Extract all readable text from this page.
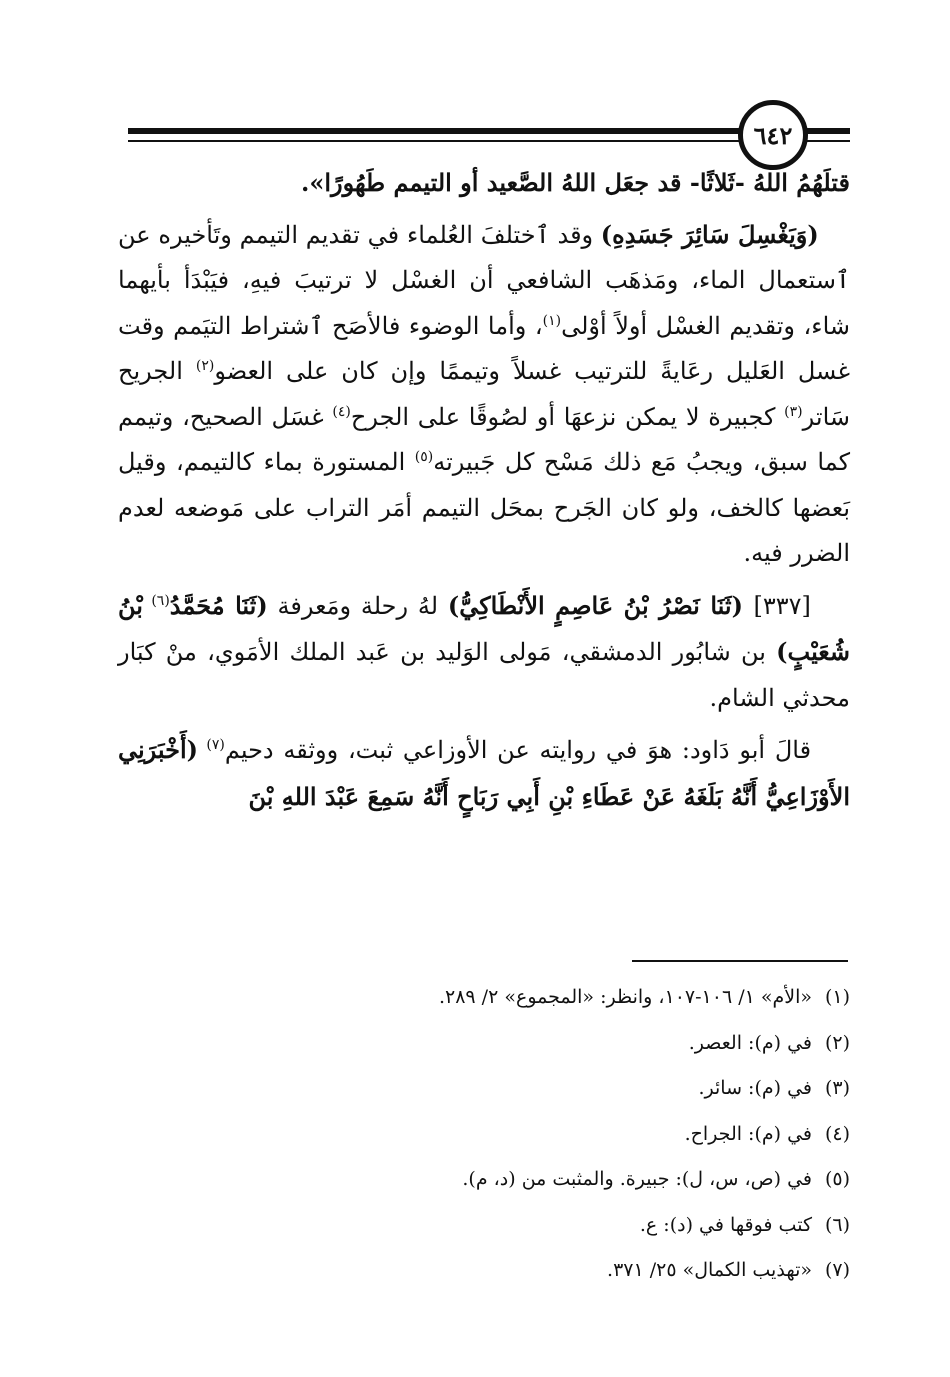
٦٤٢

قتلَهُمُ اللهُ -ثَلاثًا- قد جعَل اللهُ الصَّعيد أو التيمم طَهُورًا».

(وَيَغْسِلَ سَائِرَ جَسَدِهِ) وقد ٱختلفَ العُلماء في تقديم التيمم وتَأخيره عن ٱستعمال الماء، ومَذهَب الشافعي أن الغسْل لا ترتيبَ فيهِ، فيَبْدَأ بأيهما شاء، وتقديم الغسْل أولاً أوْلى$^{(١)}$، وأما الوضوء فالأصَح ٱشتراط التيَمم وقت غسل العَليل رعَايةً للترتيب غسلاً وتيممًا وإن كان على العضو$^{(٢)}$ الجريح سَاتر$^{(٣)}$ كجبيرة لا يمكن نزعهَا أو لصُوقًا على الجرح$^{(٤)}$ غسَل الصحيح، وتيمم كما سبق، ويجبُ مَع ذلك مَسْح كل جَبيرته$^{(٥)}$ المستورة بماء كالتيمم، وقيل بَعضها كالخف، ولو كان الجَرح بمحَل التيمم أمَر التراب على مَوضعه لعدم الضرر فيه.

[٣٣٧] (ثَنَا نَصْرُ بْنُ عَاصِمٍ الأَنْطَاكِيُّ) لهُ رحلة ومَعرفة (ثَنَا مُحَمَّدُ$^{(٦)}$ بْنُ شُعَيْبٍ) بن شابُور الدمشقي، مَولى الوَليد بن عَبد الملك الأمَوي، منْ كبَار محدثي الشام.

قالَ أبو دَاود: هوَ في روايته عن الأوزاعي ثبت، ووثقه دحيم$^{(٧)}$ (أَخْبَرَنِي الأَوْزَاعِيُّ أَنَّهُ بَلَغَهُ عَنْ عَطَاءِ بْنِ أَبِي رَبَاحٍ أَنَّهُ سَمِعَ عَبْدَ اللهِ بْنَ

(١)«الأم» ١/ ١٠٦-١٠٧، وانظر: «المجموع» ٢/ ٢٨٩.

(٢)في (م): العصر.

(٣)في (م): سائر.

(٤)في (م): الجراح.

(٥)في (ص، س، ل): جبيرة. والمثبت من (د، م).

(٦)كتب فوقها في (د): ع.

(٧)«تهذيب الكمال» ٢٥/ ٣٧١.
